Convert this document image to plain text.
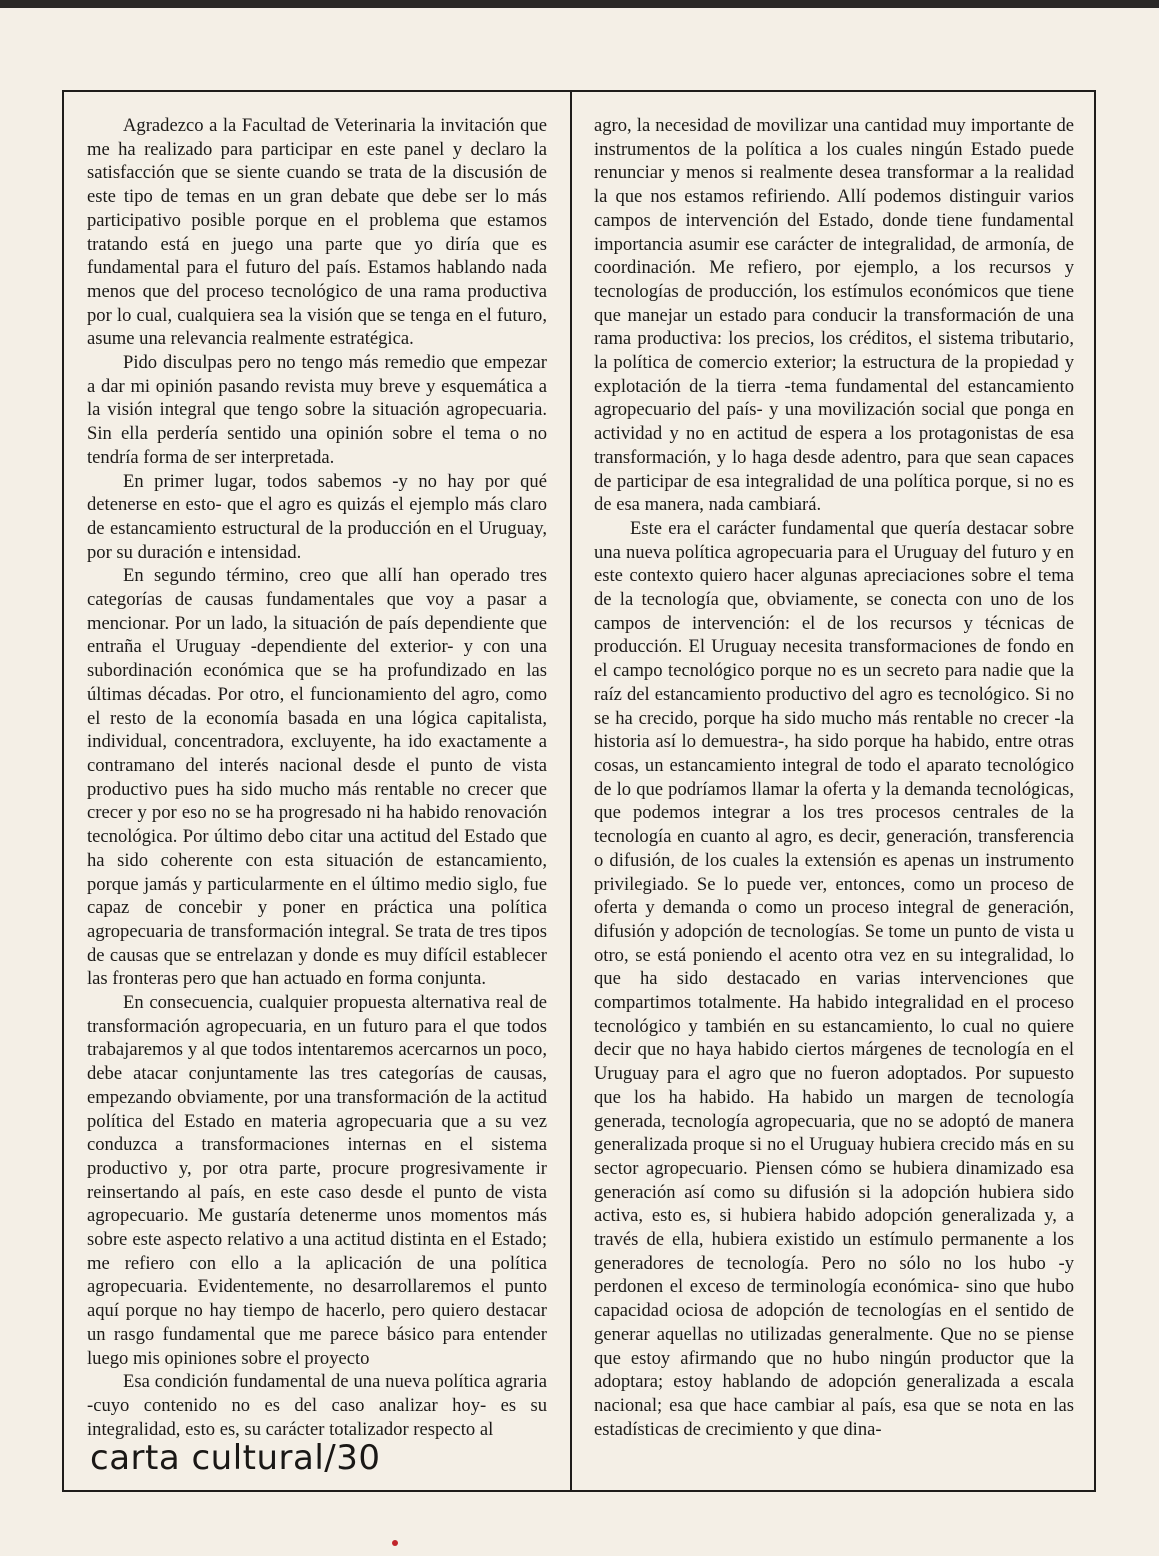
Agradezco a la Facultad de Veterinaria la invitación que me ha realizado para participar en este panel y declaro la satisfacción que se siente cuando se trata de la discusión de este tipo de temas en un gran debate que debe ser lo más participativo posible porque en el problema que estamos tratando está en juego una parte que yo diría que es fundamental para el futuro del país. Estamos hablando nada menos que del proceso tecnológico de una rama productiva por lo cual, cualquiera sea la visión que se tenga en el futuro, asume una relevancia realmente estratégica.

Pido disculpas pero no tengo más remedio que empezar a dar mi opinión pasando revista muy breve y esquemática a la visión integral que tengo sobre la situación agropecuaria. Sin ella perdería sentido una opinión sobre el tema o no tendría forma de ser interpretada.

En primer lugar, todos sabemos -y no hay por qué detenerse en esto- que el agro es quizás el ejemplo más claro de estancamiento estructural de la producción en el Uruguay, por su duración e intensidad.

En segundo término, creo que allí han operado tres categorías de causas fundamentales que voy a pasar a mencionar. Por un lado, la situación de país dependiente que entraña el Uruguay -dependiente del exterior- y con una subordinación económica que se ha profundizado en las últimas décadas. Por otro, el funcionamiento del agro, como el resto de la economía basada en una lógica capitalista, individual, concentradora, excluyente, ha ido exactamente a contramano del interés nacional desde el punto de vista productivo pues ha sido mucho más rentable no crecer que crecer y por eso no se ha progresado ni ha habido renovación tecnológica. Por último debo citar una actitud del Estado que ha sido coherente con esta situación de estancamiento, porque jamás y particularmente en el último medio siglo, fue capaz de concebir y poner en práctica una política agropecuaria de transformación integral. Se trata de tres tipos de causas que se entrelazan y donde es muy difícil establecer las fronteras pero que han actuado en forma conjunta.

En consecuencia, cualquier propuesta alternativa real de transformación agropecuaria, en un futuro para el que todos trabajaremos y al que todos intentaremos acercarnos un poco, debe atacar conjuntamente las tres categorías de causas, empezando obviamente, por una transformación de la actitud política del Estado en materia agropecuaria que a su vez conduzca a transformaciones internas en el sistema productivo y, por otra parte, procure progresivamente ir reinsertando al país, en este caso desde el punto de vista agropecuario. Me gustaría detenerme unos momentos más sobre este aspecto relativo a una actitud distinta en el Estado; me refiero con ello a la aplicación de una política agropecuaria. Evidentemente, no desarrollaremos el punto aquí porque no hay tiempo de hacerlo, pero quiero destacar un rasgo fundamental que me parece básico para entender luego mis opiniones sobre el proyecto

Esa condición fundamental de una nueva política agraria -cuyo contenido no es del caso analizar hoy- es su integralidad, esto es, su carácter totalizador respecto al

agro, la necesidad de movilizar una cantidad muy importante de instrumentos de la política a los cuales ningún Estado puede renunciar y menos si realmente desea transformar a la realidad la que nos estamos refiriendo. Allí podemos distinguir varios campos de intervención del Estado, donde tiene fundamental importancia asumir ese carácter de integralidad, de armonía, de coordinación. Me refiero, por ejemplo, a los recursos y tecnologías de producción, los estímulos económicos que tiene que manejar un estado para conducir la transformación de una rama productiva: los precios, los créditos, el sistema tributario, la política de comercio exterior; la estructura de la propiedad y explotación de la tierra -tema fundamental del estancamiento agropecuario del país- y una movilización social que ponga en actividad y no en actitud de espera a los protagonistas de esa transformación, y lo haga desde adentro, para que sean capaces de participar de esa integralidad de una política porque, si no es de esa manera, nada cambiará.

Este era el carácter fundamental que quería destacar sobre una nueva política agropecuaria para el Uruguay del futuro y en este contexto quiero hacer algunas apreciaciones sobre el tema de la tecnología que, obviamente, se conecta con uno de los campos de intervención: el de los recursos y técnicas de producción. El Uruguay necesita transformaciones de fondo en el campo tecnológico porque no es un secreto para nadie que la raíz del estancamiento productivo del agro es tecnológico. Si no se ha crecido, porque ha sido mucho más rentable no crecer -la historia así lo demuestra-, ha sido porque ha habido, entre otras cosas, un estancamiento integral de todo el aparato tecnológico de lo que podríamos llamar la oferta y la demanda tecnológicas, que podemos integrar a los tres procesos centrales de la tecnología en cuanto al agro, es decir, generación, transferencia o difusión, de los cuales la extensión es apenas un instrumento privilegiado. Se lo puede ver, entonces, como un proceso de oferta y demanda o como un proceso integral de generación, difusión y adopción de tecnologías. Se tome un punto de vista u otro, se está poniendo el acento otra vez en su integralidad, lo que ha sido destacado en varias intervenciones que compartimos totalmente. Ha habido integralidad en el proceso tecnológico y también en su estancamiento, lo cual no quiere decir que no haya habido ciertos márgenes de tecnología en el Uruguay para el agro que no fueron adoptados. Por supuesto que los ha habido. Ha habido un margen de tecnología generada, tecnología agropecuaria, que no se adoptó de manera generalizada proque si no el Uruguay hubiera crecido más en su sector agropecuario. Piensen cómo se hubiera dinamizado esa generación así como su difusión si la adopción hubiera sido activa, esto es, si hubiera habido adopción generalizada y, a través de ella, hubiera existido un estímulo permanente a los generadores de tecnología. Pero no sólo no los hubo -y perdonen el exceso de terminología económica- sino que hubo capacidad ociosa de adopción de tecnologías en el sentido de generar aquellas no utilizadas generalmente. Que no se piense que estoy afirmando que no hubo ningún productor que la adoptara; estoy hablando de adopción generalizada a escala nacional; esa que hace cambiar al país, esa que se nota en las estadísticas de crecimiento y que dina-

carta cultural/30
